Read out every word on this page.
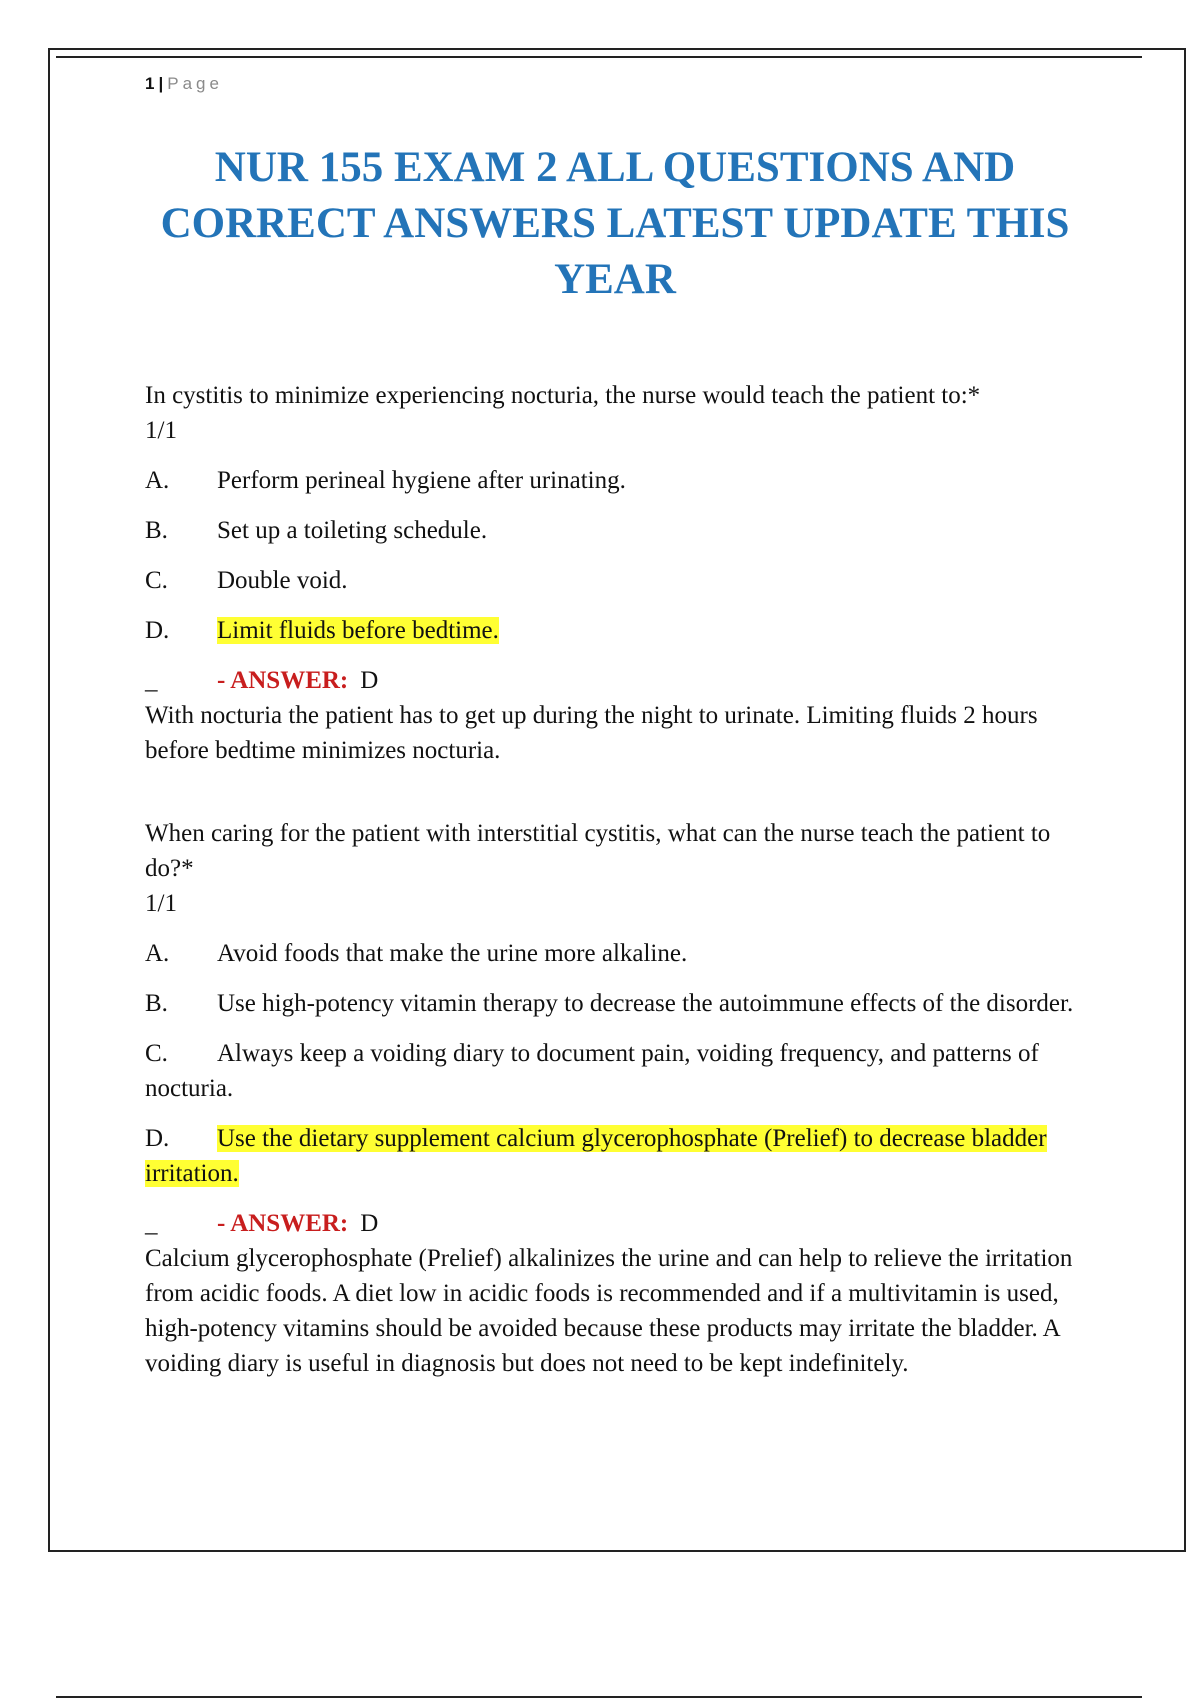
1 | Page
NUR 155 EXAM 2 ALL QUESTIONS AND CORRECT ANSWERS LATEST UPDATE THIS YEAR

In cystitis to minimize experiencing nocturia, the nurse would teach the patient to:*

1/1

A.	Perform perineal hygiene after urinating.
B.	Set up a toileting schedule.
C.	Double void.
D.	Limit fluids before bedtime.
_	- ANSWER: D

With nocturia the patient has to get up during the night to urinate. Limiting fluids 2 hours before bedtime minimizes nocturia.

When caring for the patient with interstitial cystitis, what can the nurse teach the patient to do?*

1/1

A.	Avoid foods that make the urine more alkaline.
B. Use high-potency vitamin therapy to decrease the autoimmune effects of the disorder.
C. Always keep a voiding diary to document pain, voiding frequency, and patterns of nocturia.
D. Use the dietary supplement calcium glycerophosphate (Prelief) to decrease bladder irritation.
_	- ANSWER: D

Calcium glycerophosphate (Prelief) alkalinizes the urine and can help to relieve the irritation from acidic foods. A diet low in acidic foods is recommended and if a multivitamin is used, high-potency vitamins should be avoided because these products may irritate the bladder. A voiding diary is useful in diagnosis but does not need to be kept indefinitely.
